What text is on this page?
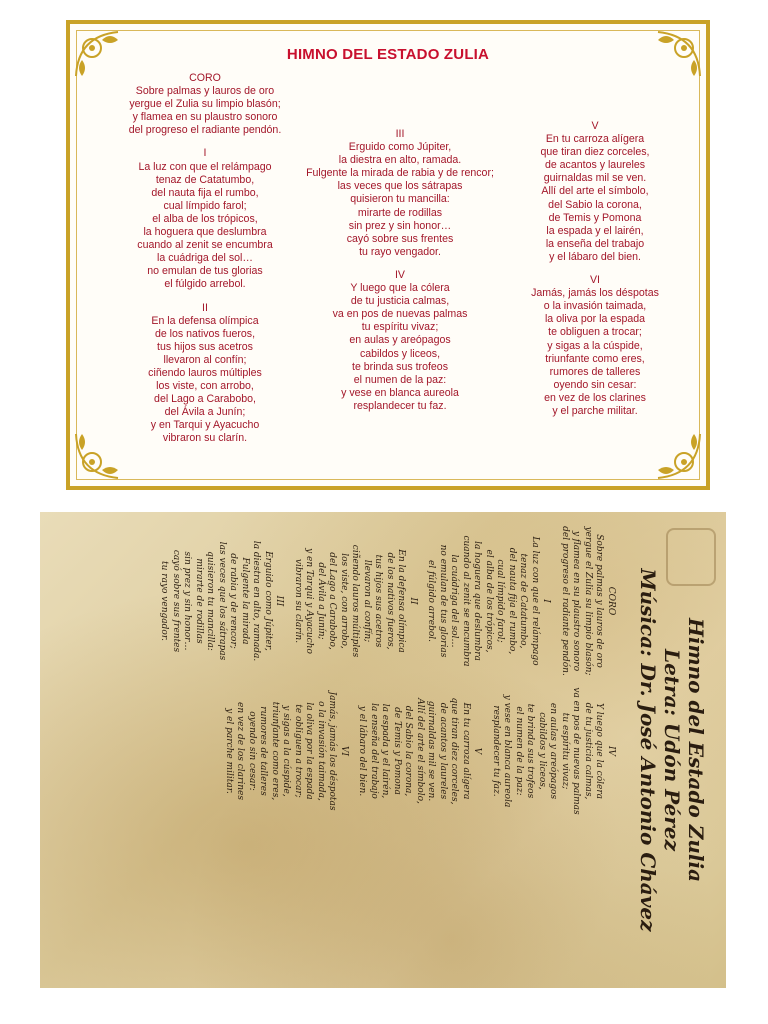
HIMNO DEL ESTADO ZULIA

CORO
Sobre palmas y lauros de oro
yergue el Zulia su limpio blasón;
y flamea en su plaustro sonoro
del progreso el radiante pendón.

I
La luz con que el relámpago
tenaz de Catatumbo,
del nauta fija el rumbo,
cual límpido farol;
el alba de los trópicos,
la hoguera que deslumbra
cuando al zenit se encumbra
la cuádriga del sol…
no emulan de tus glorias
el fúlgido arrebol.

II
En la defensa olímpica
de los nativos fueros,
tus hijos sus acetros
llevaron al confín;
ciñendo lauros múltiples
los viste, con arrobo,
del Lago a Carabobo,
del Ávila a Junín;
y en Tarqui y Ayacucho
vibraron su clarín.

III
Erguido como Júpiter,
la diestra en alto, ramada.
Fulgente la mirada de rabia y de rencor;
las veces que los sátrapas
quisieron tu mancilla:
mirarte de rodillas
sin prez y sin honor…
cayó sobre sus frentes
tu rayo vengador.

IV
Y luego que la cólera
de tu justicia calmas,
va en pos de nuevas palmas
tu espíritu vivaz;
en aulas y areópagos
cabildos y liceos,
te brinda sus trofeos
el numen de la paz:
y vese en blanca aureola
resplandecer tu faz.

V
En tu carroza alígera
que tiran diez corceles,
de acantos y laureles
guirnaldas mil se ven.
Allí del arte el símbolo,
del Sabio la corona,
de Temis y Pomona
la espada y el lairén,
la enseña del trabajo
y el lábaro del bien.

VI
Jamás, jamás los déspotas
o la invasión taimada,
la oliva por la espada
te obliguen a trocar;
y sigas a la cúspide,
triunfante como eres,
rumores de talleres
oyendo sin cesar:
en vez de los clarines
y el parche militar.

Himno del Estado Zulia
Letra: Udón Pérez
Música: Dr. José Antonio Chávez

CORO
Sobre palmas y lauros de oro
yergue el Zulia su limpio blasón;
y flamea en su plaustro sonoro
del progreso el radiante pendón.

I
La luz con que el relámpago
tenaz de Catatumbo,
del nauta fija el rumbo,
cual límpido farol;
el alba de los trópicos,
la hoguera que deslumbra
cuando al zenit se encumbra
la cuádriga del sol…
no emulan de tus glorias
el fúlgido arrebol.

II
En la defensa olímpica
de los nativos fueros,
tus hijos sus acetros
llevaron al confín;
ciñendo lauros múltiples
los viste, con arrobo,
del Lago a Carabobo,
del Ávila a Junín;
y en Tarqui y Ayacucho
vibraron su clarín.

III
Erguido como Júpiter,
la diestra en alto, ramada.
Fulgente la mirada
de rabia y de rencor;
las veces que los sátrapas
quisieron tu mancilla:
mirarte de rodillas
sin prez y sin honor…
cayó sobre sus frentes
tu rayo vengador.

IV
Y luego que la cólera
de tu justicia calmas,
va en pos de nuevas palmas
tu espíritu vivaz;
en aulas y areópagos
cabildos y liceos,
te brinda sus trofeos
el numen de la paz:
y vese en blanca aureola
resplandecer tu faz.

V
En tu carroza alígera
que tiran diez corceles,
de acantos y laureles
guirnaldas mil se ven.
Allí del arte el símbolo,
del Sabio la corona,
de Temis y Pomona
la espada y el lairén,
la enseña del trabajo
y el lábaro del bien.

VI
Jamás, jamás los déspotas
o la invasión taimada,
la oliva por la espada
te obliguen a trocar;
y sigas a la cúspide,
triunfante como eres,
rumores de talleres
oyendo sin cesar:
en vez de los clarines
y el parche militar.
